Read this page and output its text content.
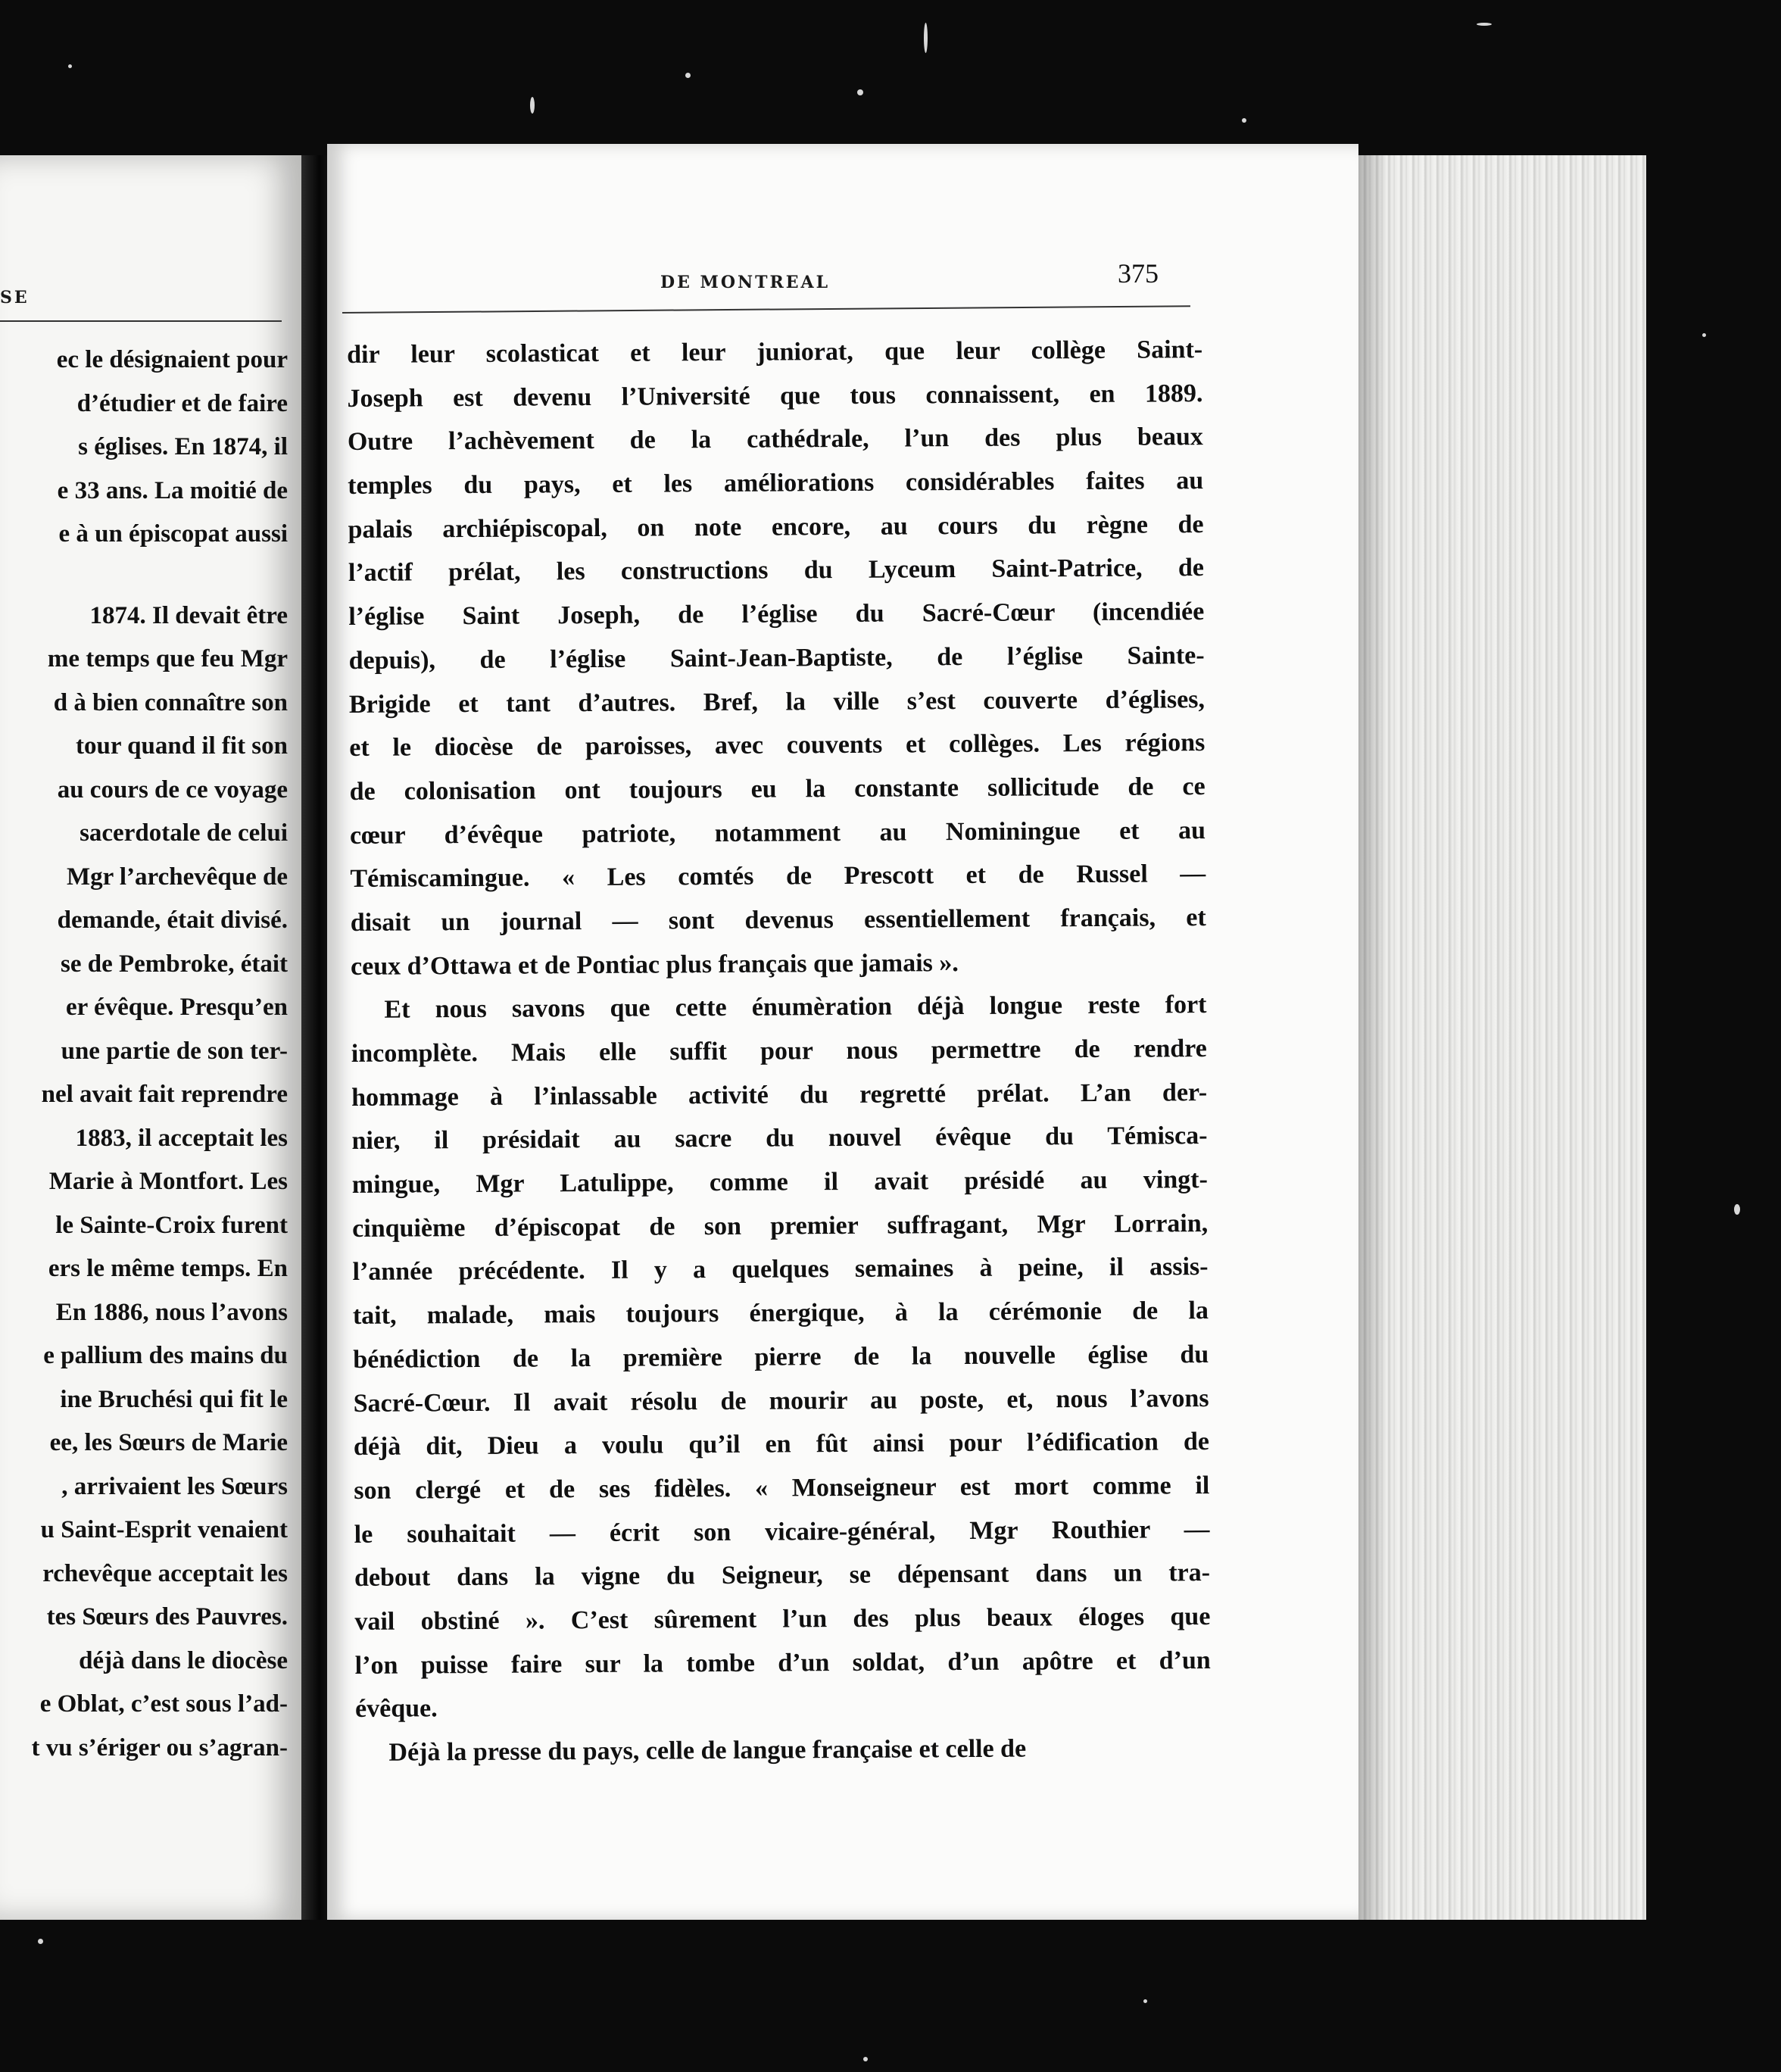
SE
ec le désignaient pour
d’étudier et de faire
s églises. En 1874, il
e 33 ans. La moitié de
e à un épiscopat aussi
1874. Il devait être
me temps que feu Mgr
d à bien connaître son
tour quand il fit son
au cours de ce voyage
sacerdotale de celui
Mgr l’archevêque de
demande, était divisé.
se de Pembroke, était
er évêque. Presqu’en
une partie de son ter-
nel avait fait reprendre
1883, il acceptait les
Marie à Montfort. Les
le Sainte-Croix furent
ers le même temps. En
En 1886, nous l’avons
e pallium des mains du
ine Bruchési qui fit le
ee, les Sœurs de Marie
, arrivaient les Sœurs
u Saint-Esprit venaient
rchevêque acceptait les
tes Sœurs des Pauvres.
déjà dans le diocèse
e Oblat, c’est sous l’ad-
t vu s’ériger ou s’agran-
DE MONTREAL	375
dir leur scolasticat et leur juniorat, que leur collège Saint-
Joseph est devenu l’Université que tous connaissent, en 1889.
Outre l’achèvement de la cathédrale, l’un des plus beaux
temples du pays, et les améliorations considérables faites au
palais archiépiscopal, on note encore, au cours du règne de
l’actif prélat, les constructions du Lyceum Saint-Patrice, de
l’église Saint Joseph, de l’église du Sacré-Cœur (incendiée
depuis), de l’église Saint-Jean-Baptiste, de l’église Sainte-
Brigide et tant d’autres. Bref, la ville s’est couverte d’églises,
et le diocèse de paroisses, avec couvents et collèges. Les régions
de colonisation ont toujours eu la constante sollicitude de ce
cœur d’évêque patriote, notamment au Nominingue et au
Témiscamingue. « Les comtés de Prescott et de Russel —
disait un journal — sont devenus essentiellement français, et
ceux d’Ottawa et de Pontiac plus français que jamais ».
Et nous savons que cette énumèration déjà longue reste fort
incomplète. Mais elle suffit pour nous permettre de rendre
hommage à l’inlassable activité du regretté prélat. L’an der-
nier, il présidait au sacre du nouvel évêque du Témisca-
mingue, Mgr Latulippe, comme il avait présidé au vingt-
cinquième d’épiscopat de son premier suffragant, Mgr Lorrain,
l’année précédente. Il y a quelques semaines à peine, il assis-
tait, malade, mais toujours énergique, à la cérémonie de la
bénédiction de la première pierre de la nouvelle église du
Sacré-Cœur. Il avait résolu de mourir au poste, et, nous l’avons
déjà dit, Dieu a voulu qu’il en fût ainsi pour l’édification de
son clergé et de ses fidèles. « Monseigneur est mort comme il
le souhaitait — écrit son vicaire-général, Mgr Routhier —
debout dans la vigne du Seigneur, se dépensant dans un tra-
vail obstiné ». C’est sûrement l’un des plus beaux éloges que
l’on puisse faire sur la tombe d’un soldat, d’un apôtre et d’un
évêque.
Déjà la presse du pays, celle de langue française et celle de
